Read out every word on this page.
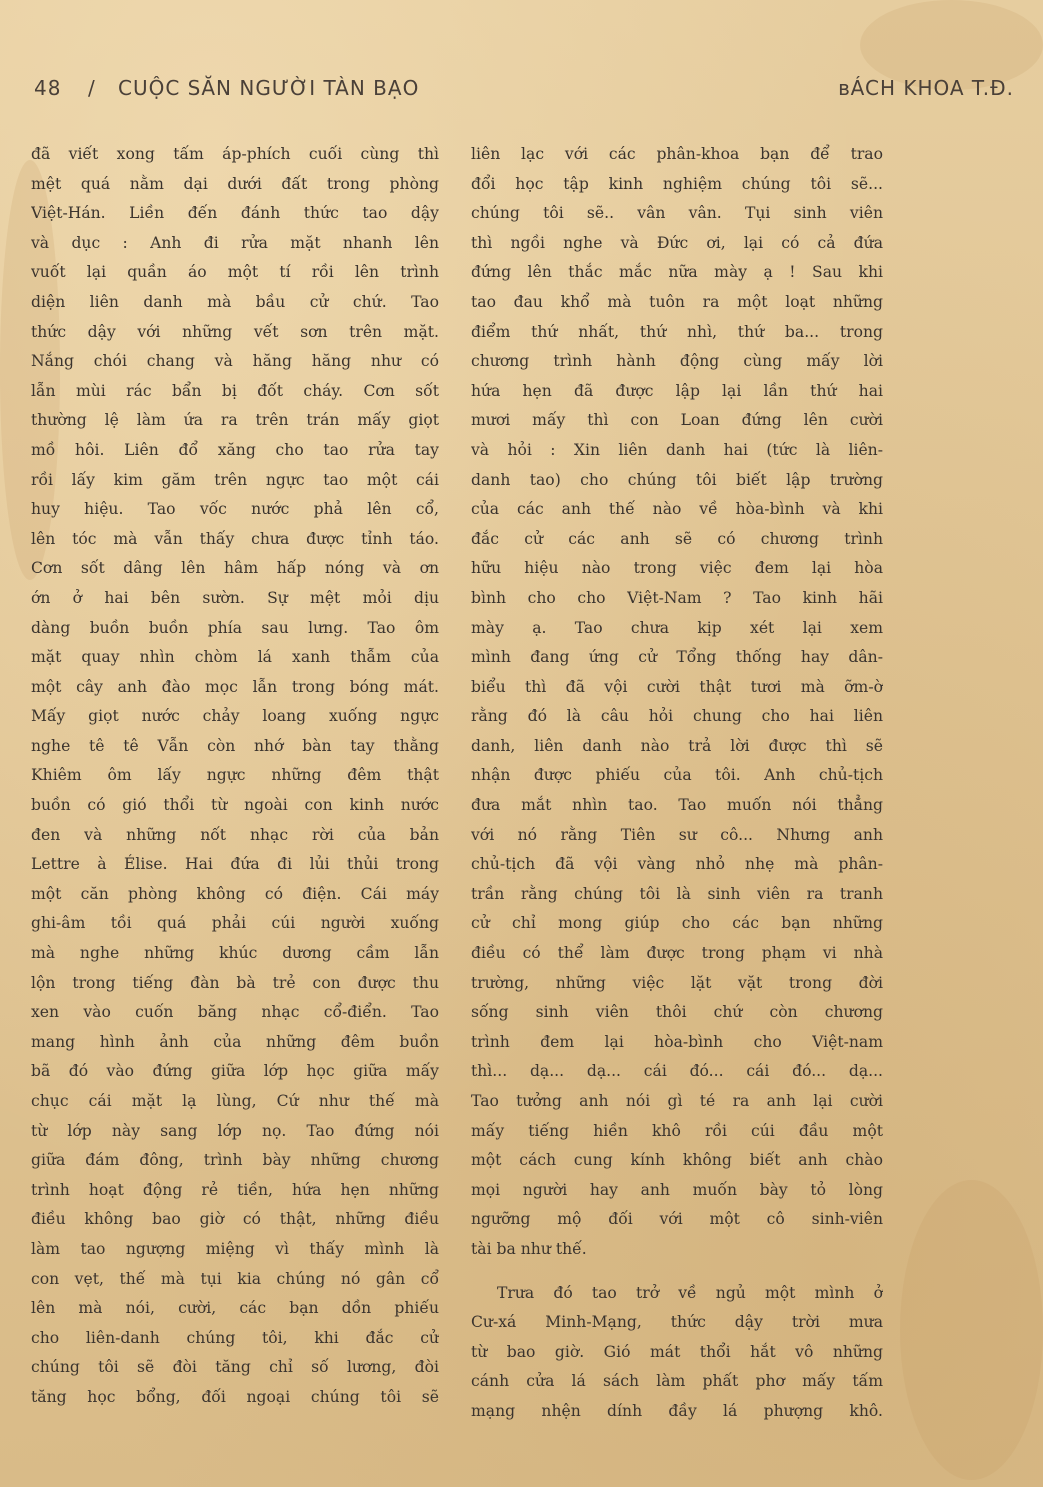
48 / CUỘC SĂN NGƯỜI TÀN BẠO	ʙÁCH KHOA T.Đ.
đã viết xong tấm áp-phích cuối cùng thì
mệt quá nằm dại dưới đất trong phòng
Việt-Hán. Liền đến đánh thức tao dậy
và dục : Anh đi rửa mặt nhanh lên
vuốt lại quần áo một tí rồi lên trình
diện liên danh mà bầu cử chứ. Tao
thức dậy với những vết sơn trên mặt.
Nắng chói chang và hăng hăng như có
lẫn mùi rác bẩn bị đốt cháy. Cơn sốt
thường lệ làm ứa ra trên trán mấy giọt
mồ hôi. Liên đổ xăng cho tao rửa tay
rồi lấy kim găm trên ngực tao một cái
huy hiệu. Tao vốc nước phả lên cổ,
lên tóc mà vẫn thấy chưa được tỉnh táo.
Cơn sốt dâng lên hâm hấp nóng và ơn
ớn ở hai bên sườn. Sự mệt mỏi dịu
dàng buồn buồn phía sau lưng. Tao ôm
mặt quay nhìn chòm lá xanh thẫm của
một cây anh đào mọc lẫn trong bóng mát.
Mấy giọt nước chảy loang xuống ngực
nghe tê tê Vẫn còn nhớ bàn tay thằng
Khiêm ôm lấy ngực những đêm thật
buồn có gió thổi từ ngoài con kinh nước
đen và những nốt nhạc rời của bản
Lettre à Élise. Hai đứa đi lủi thủi trong
một căn phòng không có điện. Cái máy
ghi-âm tồi quá phải cúi người xuống
mà nghe những khúc dương cầm lẫn
lộn trong tiếng đàn bà trẻ con được thu
xen vào cuốn băng nhạc cổ-điển. Tao
mang hình ảnh của những đêm buồn
bã đó vào đứng giữa lớp học giữa mấy
chục cái mặt lạ lùng, Cứ như thế mà
từ lớp này sang lớp nọ. Tao đứng nói
giữa đám đông, trình bày những chương
trình hoạt động rẻ tiền, hứa hẹn những
điều không bao giờ có thật, những điều
làm tao ngượng miệng vì thấy mình là
con vẹt, thế mà tụi kia chúng nó gân cổ
lên mà nói, cười, các bạn dồn phiếu
cho liên-danh chúng tôi, khi đắc cử
chúng tôi sẽ đòi tăng chỉ số lương, đòi
tăng học bổng, đối ngoại chúng tôi sẽ
liên lạc với các phân-khoa bạn để trao
đổi học tập kinh nghiệm chúng tôi sẽ...
chúng tôi sẽ.. vân vân. Tụi sinh viên
thì ngồi nghe và Đức ơi, lại có cả đứa
đứng lên thắc mắc nữa mày ạ ! Sau khi
tao đau khổ mà tuôn ra một loạt những
điểm thứ nhất, thứ nhì, thứ ba... trong
chương trình hành động cùng mấy lời
hứa hẹn đã được lập lại lần thứ hai
mươi mấy thì con Loan đứng lên cười
và hỏi : Xin liên danh hai (tức là liên-
danh tao) cho chúng tôi biết lập trường
của các anh thế nào về hòa-bình và khi
đắc cử các anh sẽ có chương trình
hữu hiệu nào trong việc đem lại hòa
bình cho cho Việt-Nam ? Tao kinh hãi
mày ạ. Tao chưa kịp xét lại xem
mình đang ứng cử Tổng thống hay dân-
biểu thì đã vội cười thật tươi mà ỡm-ờ
rằng đó là câu hỏi chung cho hai liên
danh, liên danh nào trả lời được thì sẽ
nhận được phiếu của tôi. Anh chủ-tịch
đưa mắt nhìn tao. Tao muốn nói thẳng
với nó rằng Tiên sư cô... Nhưng anh
chủ-tịch đã vội vàng nhỏ nhẹ mà phân-
trần rằng chúng tôi là sinh viên ra tranh
cử chỉ mong giúp cho các bạn những
điều có thể làm được trong phạm vi nhà
trường, những việc lặt vặt trong đời
sống sinh viên thôi chứ còn chương
trình đem lại hòa-bình cho Việt-nam
thì... dạ... dạ... cái đó... cái đó... dạ...
Tao tưởng anh nói gì té ra anh lại cười
mấy tiếng hiền khô rồi cúi đầu một
một cách cung kính không biết anh chào
mọi người hay anh muốn bày tỏ lòng
ngưỡng mộ đối với một cô sinh-viên
tài ba như thế.
Trưa đó tao trở về ngủ một mình ở
Cư-xá Minh-Mạng, thức dậy trời mưa
từ bao giờ. Gió mát thổi hắt vô những
cánh cửa lá sách làm phất phơ mấy tấm
mạng nhện dính đầy lá phượng khô.
